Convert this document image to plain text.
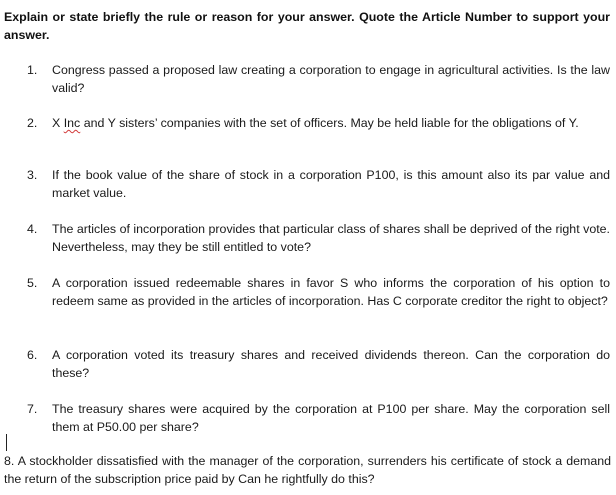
Explain or state briefly the rule or reason for your answer. Quote the Article Number to support your answer.
1.	Congress passed a proposed law creating a corporation to engage in agricultural activities. Is the law valid?
2.	X Inc and Y sisters’ companies with the set of officers. May be held liable for the obligations of Y.
3.	If the book value of the share of stock in a corporation P100, is this amount also its par value and market value.
4.	The articles of incorporation provides that particular class of shares shall be deprived of the right vote. Nevertheless, may they be still entitled to vote?
5.	A corporation issued redeemable shares in favor S who informs the corporation of his option to redeem same as provided in the articles of incorporation. Has C corporate creditor the right to object?
6.	A corporation voted its treasury shares and received dividends thereon. Can the corporation do these?
7.	The treasury shares were acquired by the corporation at P100 per share. May the corporation sell them at P50.00 per share?
8. A stockholder dissatisfied with the manager of the corporation, surrenders his certificate of stock a demand the return of the subscription price paid by Can he rightfully do this?
